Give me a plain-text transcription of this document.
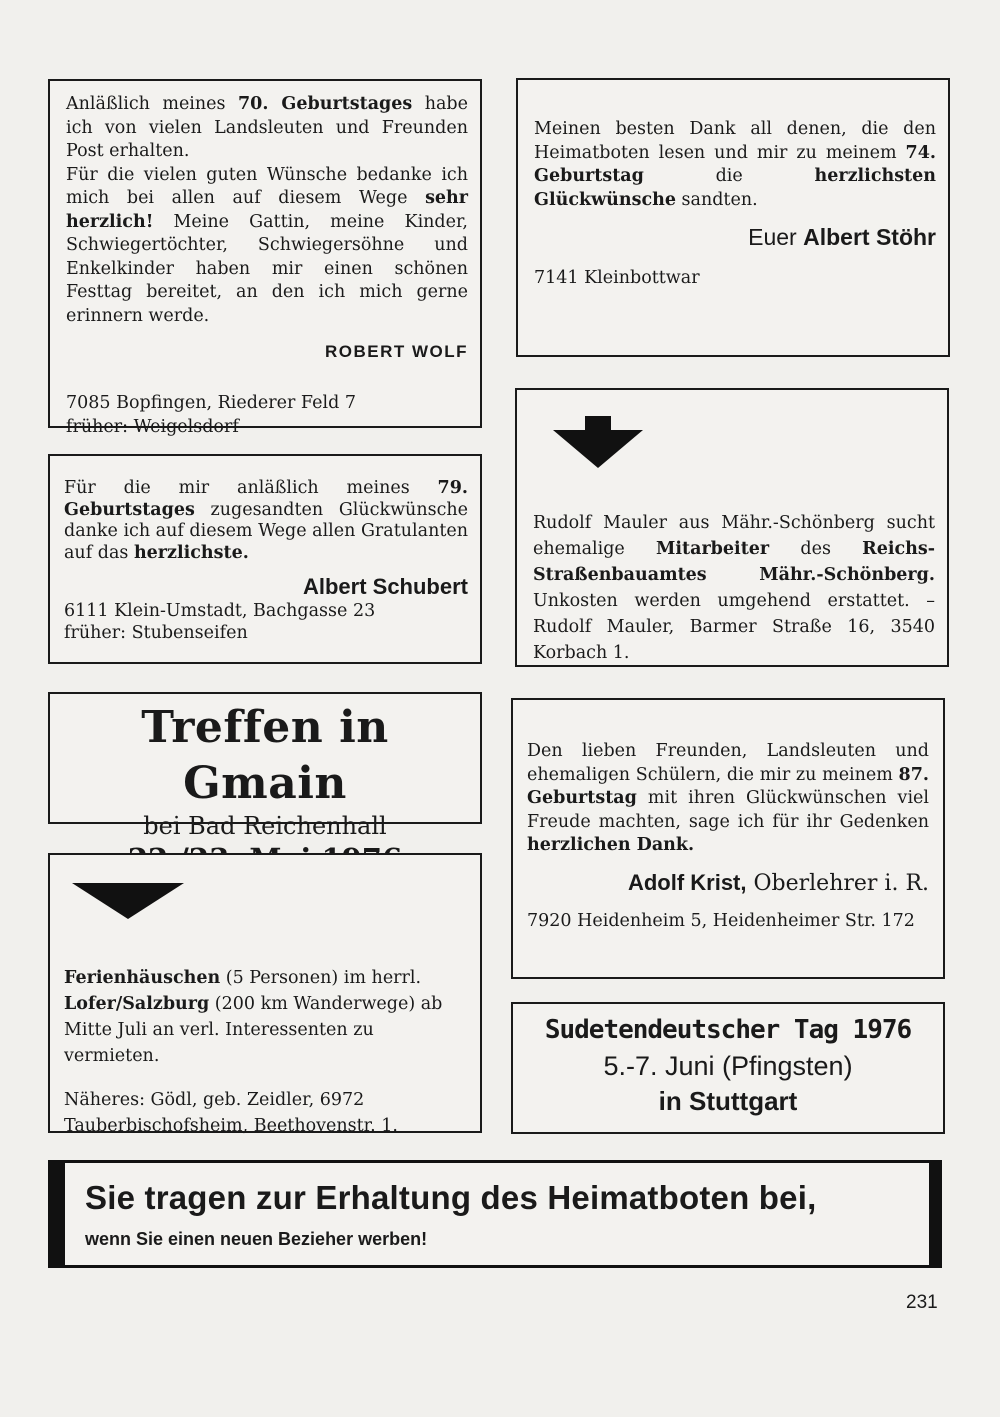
Anläßlich meines 70. Geburtstages habe ich von vielen Landsleuten und Freunden Post erhalten.
Für die vielen guten Wünsche bedanke ich mich bei allen auf diesem Wege sehr herzlich! Meine Gattin, meine Kinder, Schwiegertöchter, Schwiegersöhne und Enkelkinder haben mir einen schönen Festtag bereitet, an den ich mich gerne erinnern werde.
ROBERT WOLF
7085 Bopfingen, Riederer Feld 7
früher: Weigelsdorf
Meinen besten Dank all denen, die den Heimatboten lesen und mir zu meinem 74. Geburtstag die herzlichsten Glückwünsche sandten.
Euer Albert Stöhr
7141 Kleinbottwar
Für die mir anläßlich meines 79. Geburtstages zugesandten Glückwünsche danke ich auf diesem Wege allen Gratulanten auf das herzlichste.
Albert Schubert
6111 Klein-Umstadt, Bachgasse 23
früher: Stubenseifen
Rudolf Mauler aus Mähr.-Schönberg sucht ehemalige Mitarbeiter des Reichs-Straßenbauamtes Mähr.-Schönberg. Unkosten werden umgehend erstattet. – Rudolf Mauler, Barmer Straße 16, 3540 Korbach 1.
Treffen in Gmain
bei Bad Reichenhall
Den lieben Freunden, Landsleuten und ehemaligen Schülern, die mir zu meinem 87. Geburtstag mit ihren Glückwünschen viel Freude machten, sage ich für ihr Gedenken herzlichen Dank.
Adolf Krist, Oberlehrer i. R.
7920 Heidenheim 5, Heidenheimer Str. 172
Ferienhäuschen (5 Personen) im herrl. Lofer/Salzburg (200 km Wanderwege) ab Mitte Juli an verl. Interessenten zu vermieten.
Näheres: Gödl, geb. Zeidler, 6972 Tauberbischofsheim, Beethovenstr. 1.
Sudetendeutscher Tag 1976
5.-7. Juni (Pfingsten)
in Stuttgart
Sie tragen zur Erhaltung des Heimatboten bei,
wenn Sie einen neuen Bezieher werben!
231
